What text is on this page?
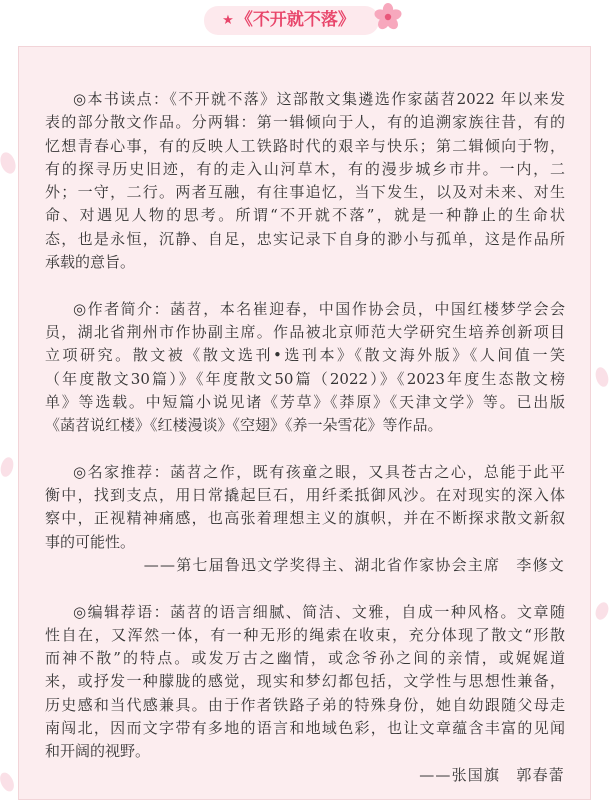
★ 《不开就不落》
◎本书读点：《不开就不落》这部散文集遴选作家菡苕2022 年以来发
表的部分散文作品。分两辑：第一辑倾向于人，有的追溯家族往昔，有的
忆想青春心事，有的反映人工铁路时代的艰辛与快乐；第二辑倾向于物，
有的探寻历史旧迹，有的走入山河草木，有的漫步城乡市井。一内，二
外；一守，二行。两者互融，有往事追忆，当下发生，以及对未来、对生
命、对遇见人物的思考。所谓“不开就不落”，就是一种静止的生命状
态，也是永恒，沉静、自足，忠实记录下自身的渺小与孤单，这是作品所
承载的意旨。
◎作者简介：菡苕，本名崔迎春，中国作协会员，中国红楼梦学会会
员，湖北省荆州市作协副主席。作品被北京师范大学研究生培养创新项目
立项研究。散文被《散文选刊•选刊本》《散文海外版》《人间值一笑
（年度散文30篇）》《年度散文50篇（2022）》《2023年度生态散文榜
单》等选载。中短篇小说见诸《芳草》《莽原》《天津文学》等。已出版
《菡苕说红楼》《红楼漫谈》《空翅》《养一朵雪花》等作品。
◎名家推荐：菡苕之作，既有孩童之眼，又具苍古之心，总能于此平
衡中，找到支点，用日常撬起巨石，用纤柔抵御风沙。在对现实的深入体
察中，正视精神痛感，也高张着理想主义的旗帜，并在不断探求散文新叙
事的可能性。
——第七届鲁迅文学奖得主、湖北省作家协会主席　李修文
◎编辑荐语：菡苕的语言细腻、简洁、文雅，自成一种风格。文章随
性自在，又浑然一体，有一种无形的绳索在收束，充分体现了散文“形散
而神不散”的特点。或发万古之幽情，或念爷孙之间的亲情，或娓娓道
来，或抒发一种朦胧的感觉，现实和梦幻都包括，文学性与思想性兼备，
历史感和当代感兼具。由于作者铁路子弟的特殊身份，她自幼跟随父母走
南闯北，因而文字带有多地的语言和地域色彩，也让文章蕴含丰富的见闻
和开阔的视野。
——张国旗　郭春蕾
